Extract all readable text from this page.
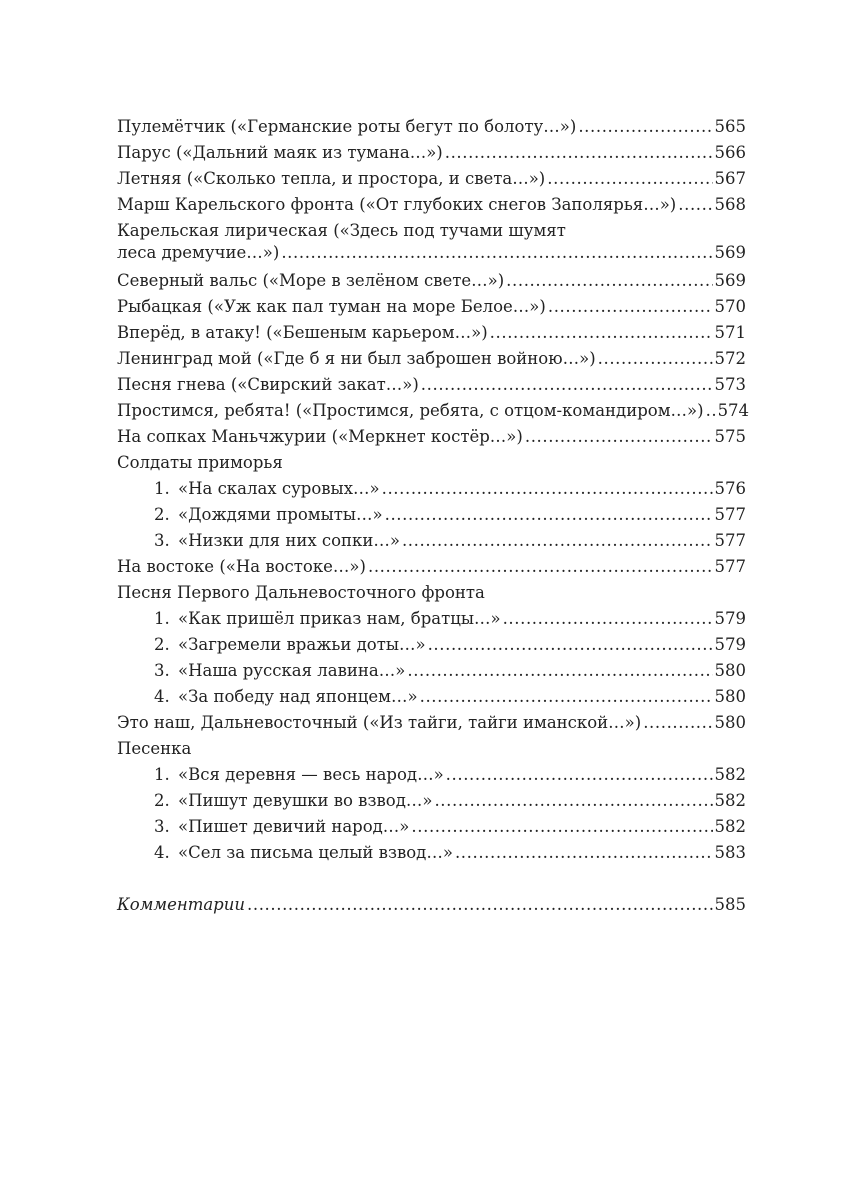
Пулемётчик («Германские роты бегут по болоту…») .....	565
Парус («Дальний маяк из тумана…») .....	566
Летняя («Сколько тепла, и простора, и света…») .....	567
Марш Карельского фронта («От глубоких снегов Заполярья…») ..... 568
Карельская лирическая («Здесь под тучами шумят
леса дремучие…») .....	569
Северный вальс («Море в зелёном свете…») .....	569
Рыбацкая («Уж как пал туман на море Белое…») .....	570
Вперёд, в атаку! («Бешеным карьером…») .....	571
Ленинград мой («Где б я ни был заброшен войною…») .....	572
Песня гнева («Свирский закат…») .....	573
Простимся, ребята! («Простимся, ребята, с отцом-командиром…») ..... 574
На сопках Маньчжурии («Меркнет костёр…») .....	575
Солдаты приморья
1. «На скалах суровых…» .....	576
2. «Дождями промыты…» .....	577
3. «Низки для них сопки…» .....	577
На востоке («На востоке…») .....	577
Песня Первого Дальневосточного фронта
1. «Как пришёл приказ нам, братцы…» .....	579
2. «Загремели вражьи доты…» .....	579
3. «Наша русская лавина…» .....	580
4. «За победу над японцем…» .....	580
Это наш, Дальневосточный («Из тайги, тайги иманской…») .....	580
Песенка
1. «Вся деревня — весь народ…» .....	582
2. «Пишут девушки во взвод…» .....	582
3. «Пишет девичий народ…» .....	582
4. «Сел за письма целый взвод…» .....	583
Комментарии .....	585
